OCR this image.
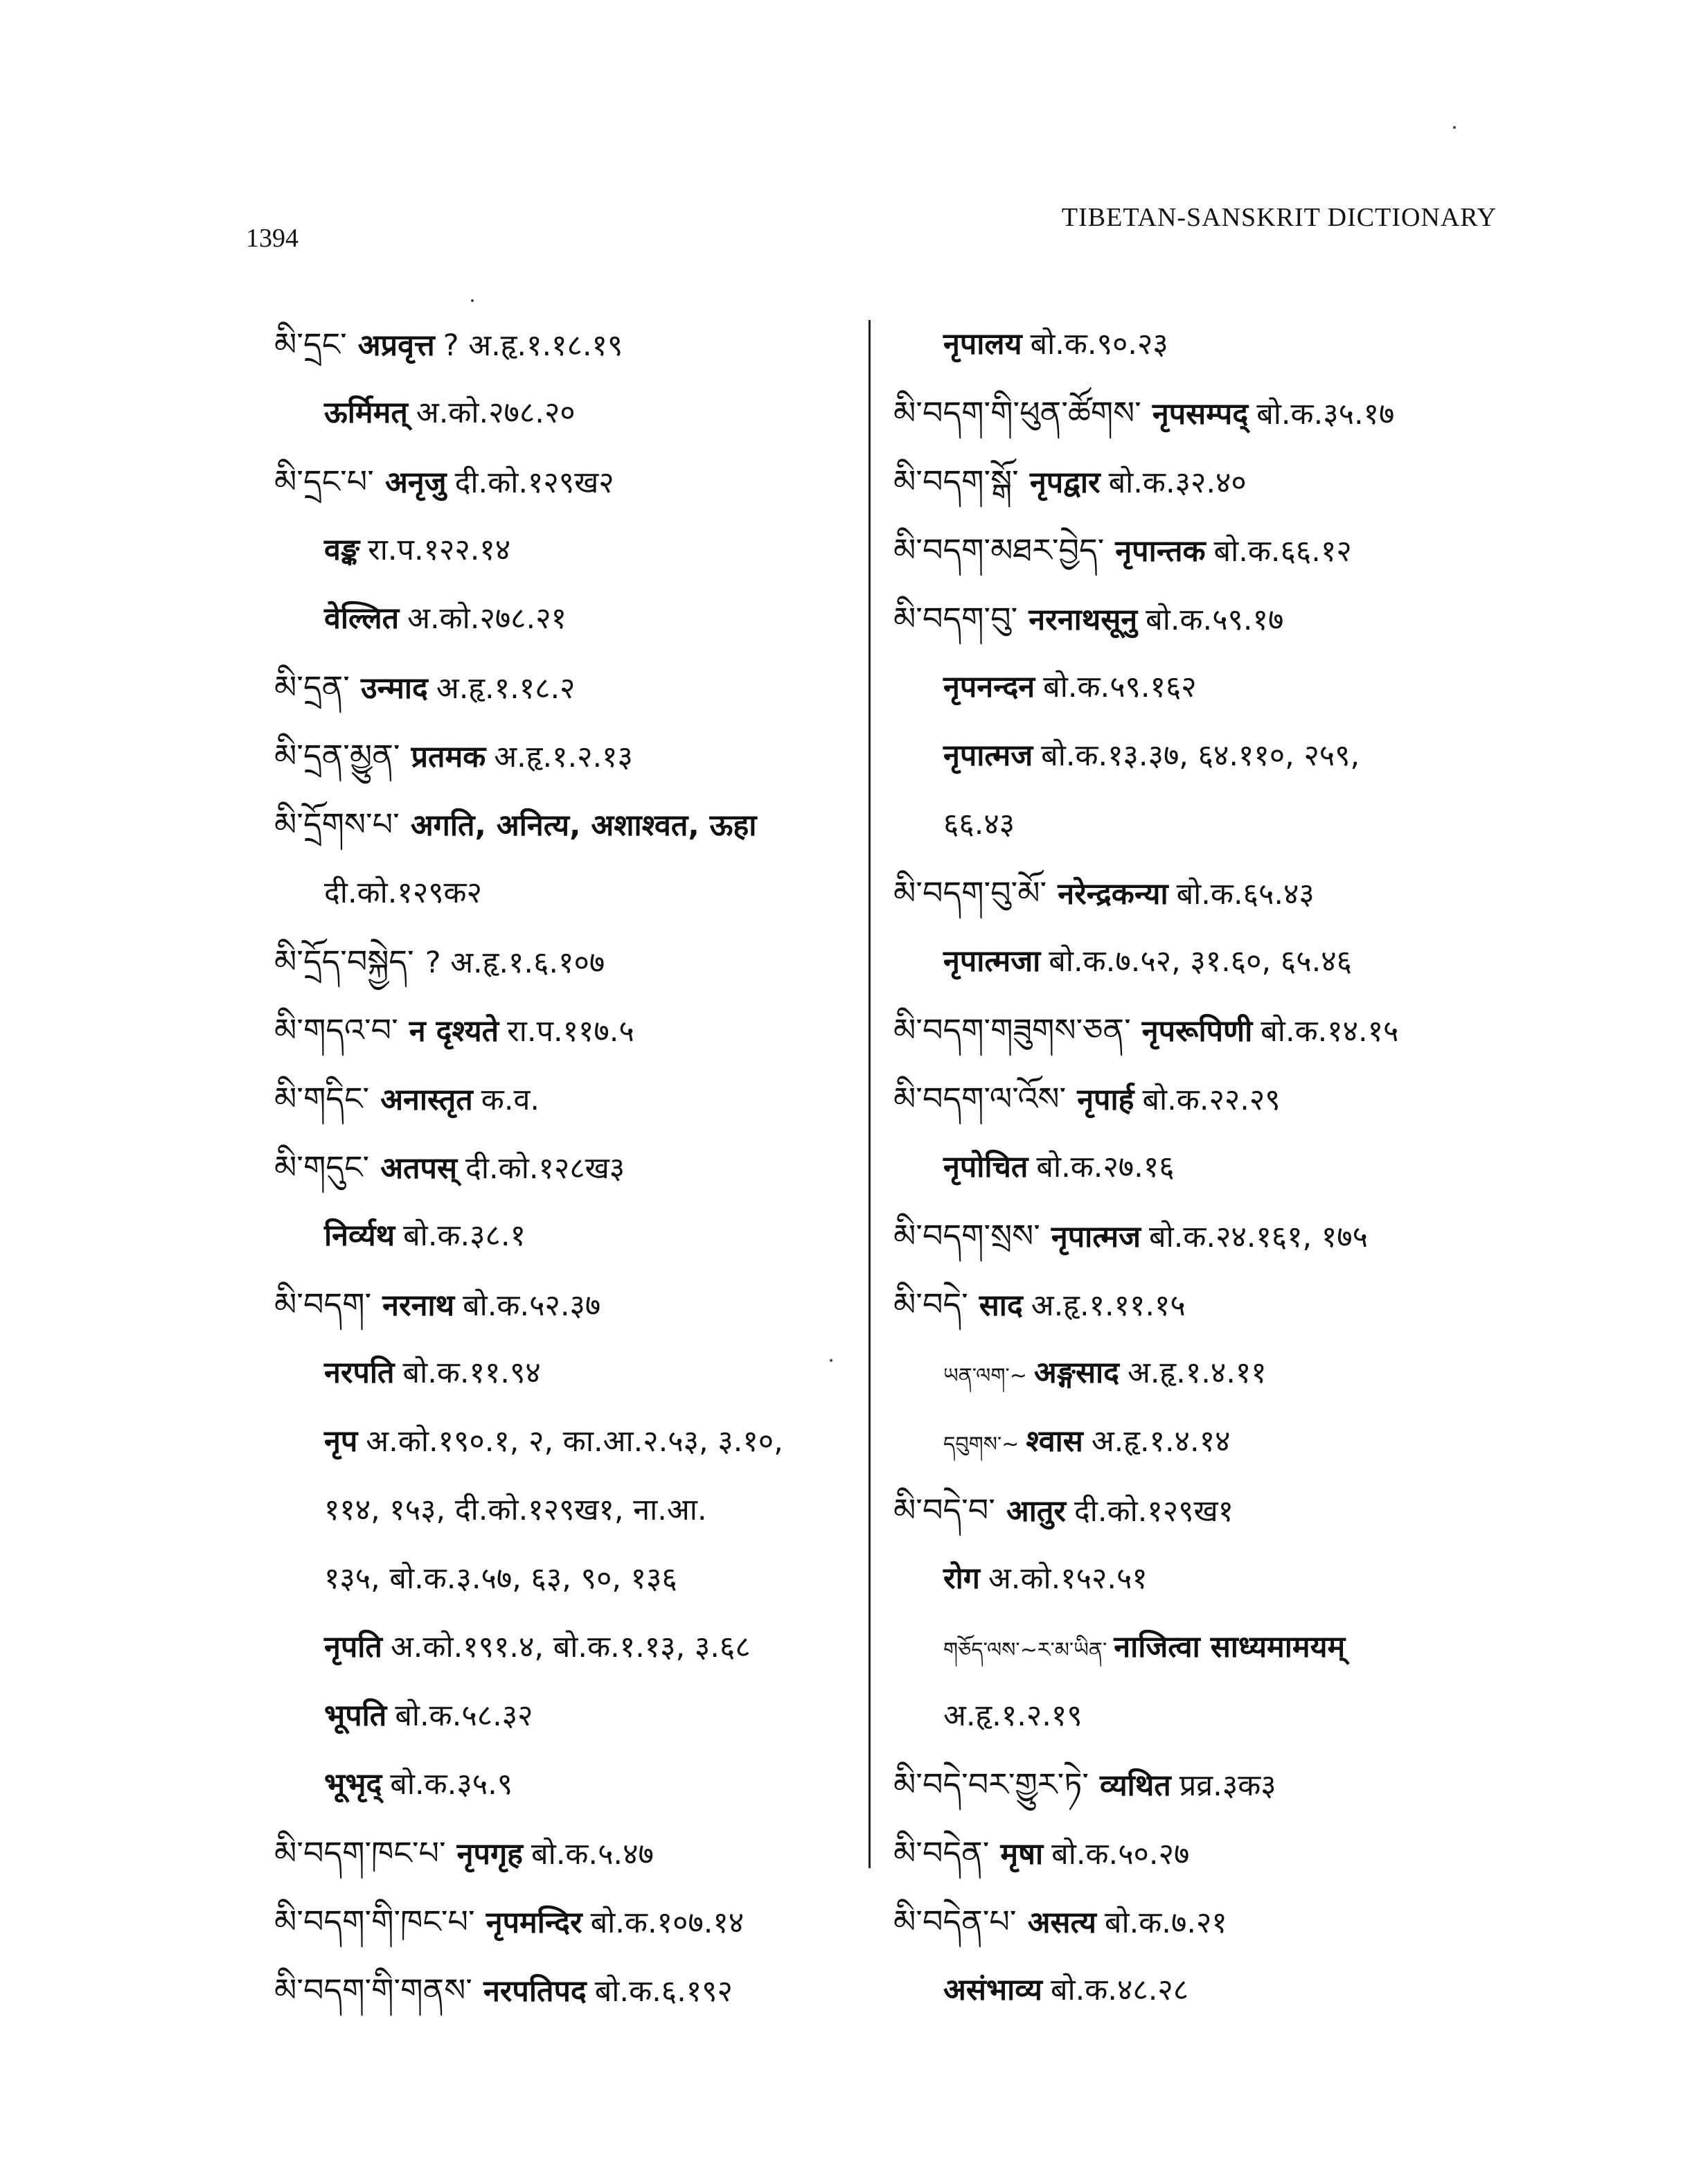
1394
TIBETAN-SANSKRIT DICTIONARY
མི་དྲང་ अप्रवृत्त ? अ.हृ.१.१८.१९
ऊर्मिमत् अ.को.२७८.२०
མི་དྲང་པ་ अनृजु दी.को.१२९ख२
वङ्क रा.प.१२२.१४
वेल्लित अ.को.२७८.२१
མི་དྲན་ उन्माद अ.हृ.१.१८.२
མི་དྲན་མྱུན་ प्रतमक अ.हृ.१.२.१३
མི་དྲོགས་པ་ अगति, अनित्य, अशाश्वत, ऊहा
दी.को.१२९क२
མི་དྲོད་བསྐྱེད་ ? अ.हृ.१.६.१०७
མི་གདའ་བ་ न दृश्यते रा.प.११७.५
མི་གདིང་ अनास्तृत क.व.
མི་གདུང་ अतपस् दी.को.१२८ख३
निर्व्यथ बो.क.३८.१
མི་བདག་ नरनाथ बो.क.५२.३७
नरपति बो.क.११.९४
नृप अ.को.१९०.१, २, का.आ.२.५३, ३.१०,
११४, १५३, दी.को.१२९ख१, ना.आ.
१३५, बो.क.३.५७, ६३, ९०, १३६
नृपति अ.को.१९१.४, बो.क.१.१३, ३.६८
भूपति बो.क.५८.३२
भूभृद् बो.क.३५.९
མི་བདག་ཁང་པ་ नृपगृह बो.क.५.४७
མི་བདག་གི་ཁང་པ་ नृपमन्दिर बो.क.१०७.१४
མི་བདག་གི་གནས་ नरपतिपद बो.क.६.१९२
नृपालय बो.क.९०.२३
མི་བདག་གི་ཕུན་ཚོགས་ नृपसम्पद् बो.क.३५.१७
མི་བདག་སྒོ་ नृपद्वार बो.क.३२.४०
མི་བདག་མཐར་བྱེད་ नृपान्तक बो.क.६६.१२
མི་བདག་བུ་ नरनाथसूनु बो.क.५९.१७
नृपनन्दन बो.क.५९.१६२
नृपात्मज बो.क.१३.३७, ६४.११०, २५९,
६६.४३
མི་བདག་བུ་མོ་ नरेन्द्रकन्या बो.क.६५.४३
नृपात्मजा बो.क.७.५२, ३१.६०, ६५.४६
མི་བདག་གཟུགས་ཅན་ नृपरूपिणी बो.क.१४.१५
མི་བདག་ལ་འོས་ नृपार्ह बो.क.२२.२९
नृपोचित बो.क.२७.१६
མི་བདག་སྲས་ नृपात्मज बो.क.२४.१६१, १७५
མི་བདེ་ साद अ.हृ.१.११.१५
ཡན་ལག་~ अङ्गसाद अ.हृ.१.४.११
དབུགས་~ श्वास अ.हृ.१.४.१४
མི་བདེ་བ་ आतुर दी.को.१२९ख१
रोग अ.को.१५२.५१
གཅོད་ལས་~ར་མ་ཡིན་ नाजित्वा साध्यमामयम्
अ.हृ.१.२.१९
མི་བདེ་བར་གྱུར་ཏེ་ व्यथित प्रव्र.३क३
མི་བདེན་ मृषा बो.क.५०.२७
མི་བདེན་པ་ असत्य बो.क.७.२१
असंभाव्य बो.क.४८.२८
